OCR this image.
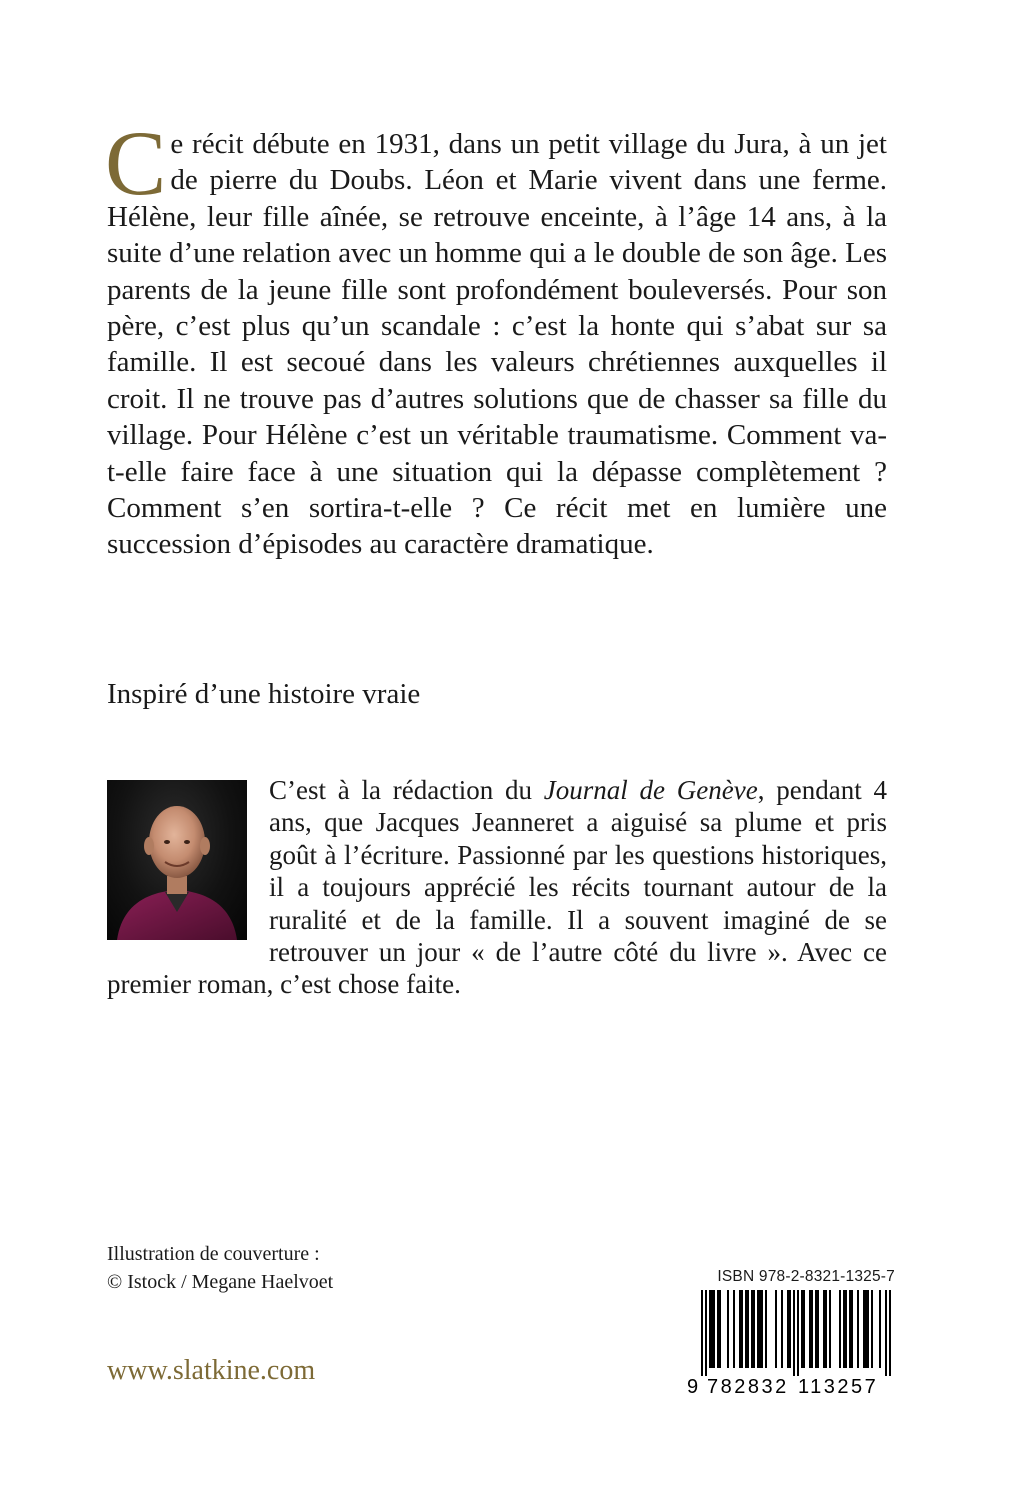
Ce récit débute en 1931, dans un petit village du Jura, à un jet de pierre du Doubs. Léon et Marie vivent dans une ferme. Hélène, leur fille aînée, se retrouve enceinte, à l’âge 14 ans, à la suite d’une relation avec un homme qui a le double de son âge. Les parents de la jeune fille sont profondément bouleversés. Pour son père, c’est plus qu’un scandale : c’est la honte qui s’abat sur sa famille. Il est secoué dans les valeurs chrétiennes auxquelles il croit. Il ne trouve pas d’autres solutions que de chasser sa fille du village. Pour Hélène c’est un véritable traumatisme. Comment va-t-elle faire face à une situation qui la dépasse complètement ? Comment s’en sortira-t-elle ? Ce récit met en lumière une succession d’épisodes au caractère dramatique.

Inspiré d’une histoire vraie

C’est à la rédaction du Journal de Genève, pendant 4 ans, que Jacques Jeanneret a aiguisé sa plume et pris goût à l’écriture. Passionné par les questions historiques, il a toujours apprécié les récits tournant autour de la ruralité et de la famille. Il a souvent imaginé de se retrouver un jour « de l’autre côté du livre ». Avec ce premier roman, c’est chose faite.

Illustration de couverture :
© Istock / Megane Haelvoet

www.slatkine.com

ISBN 978-2-8321-1325-7
9 782832 113257
